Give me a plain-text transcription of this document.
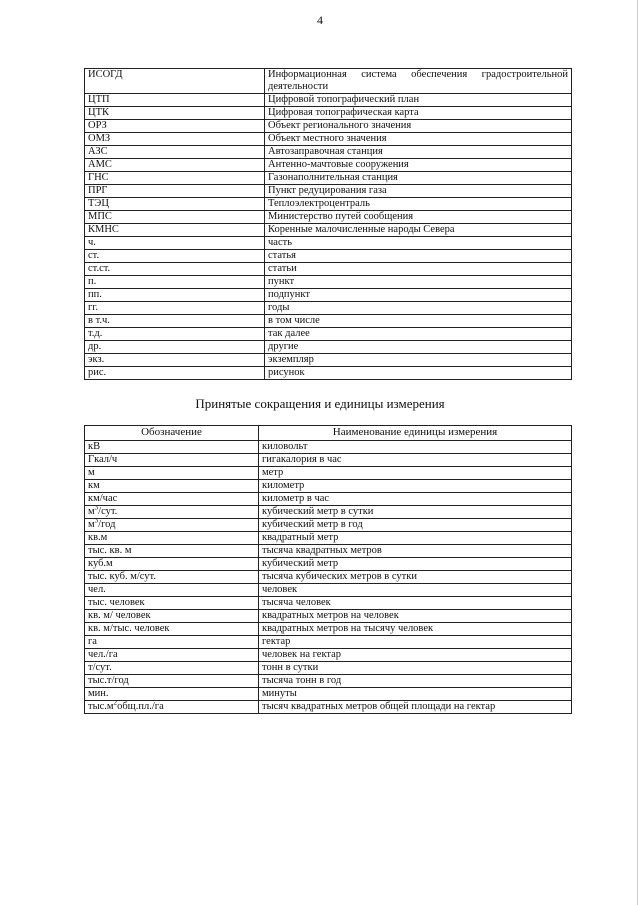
4
ИСОГД	Информационная система обеспечения градостроительной деятельности
ЦТП	Цифровой топографический план
ЦТК	Цифровая топографическая карта
ОРЗ	Объект регионального значения
ОМЗ	Объект местного значения
АЗС	Автозаправочная станция
АМС	Антенно-мачтовые сооружения
ГНС	Газонаполнительная станция
ПРГ	Пункт редуцирования газа
ТЭЦ	Теплоэлектроцентраль
МПС	Министерство путей сообщения
КМНС	Коренные малочисленные народы Севера
ч.	часть
ст.	статья
ст.ст.	статьи
п.	пункт
пп.	подпункт
гг.	годы
в т.ч.	в том числе
т.д.	так далее
др.	другие
экз.	экземпляр
рис.	рисунок
Принятые сокращения и единицы измерения
Обозначение	Наименование единицы измерения
кВ	киловольт
Гкал/ч	гигакалория в час
м	метр
км	километр
км/час	километр в час
$м^3$/сут.	кубический метр в сутки
$м^3$/год	кубический метр в год
кв.м	квадратный метр
тыс. кв. м	тысяча квадратных метров
куб.м	кубический метр
тыс. куб. м/сут.	тысяча кубических метров в сутки
чел.	человек
тыс. человек	тысяча человек
кв. м/ человек	квадратных метров на человек
кв. м/тыс. человек	квадратных метров на тысячу человек
га	гектар
чел./га	человек на гектар
т/сут.	тонн в сутки
тыс.т/год	тысяча тонн в год
мин.	минуты
$тыс.м^2общ.пл./га$	тысяч квадратных метров общей площади на гектар
